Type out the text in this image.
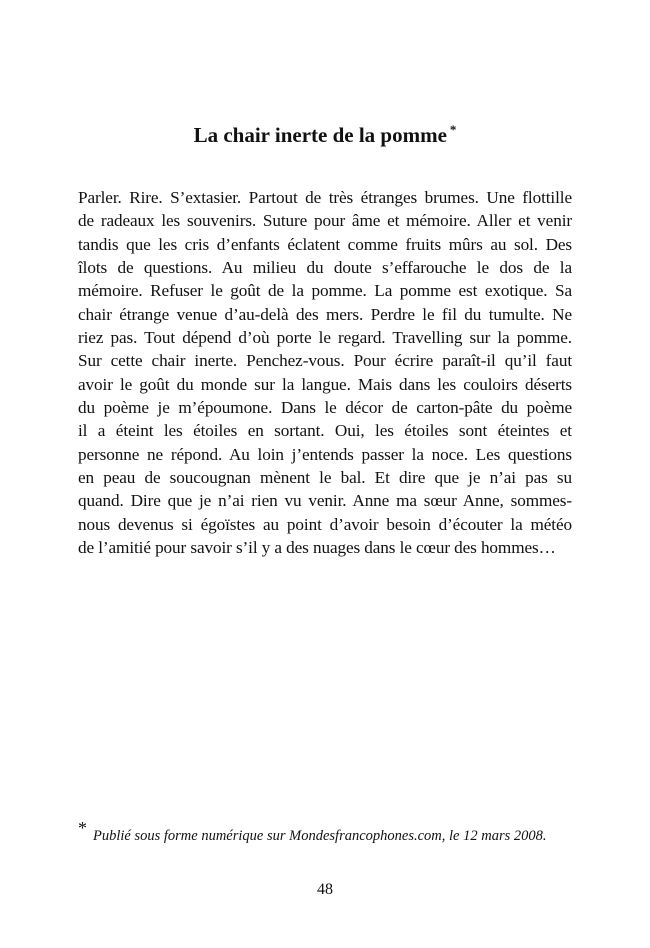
La chair inerte de la pomme *
Parler. Rire. S’extasier. Partout de très étranges brumes. Une flottille
de radeaux les souvenirs. Suture pour âme et mémoire. Aller et venir
tandis que les cris d’enfants éclatent comme fruits mûrs au sol. Des
îlots de questions. Au milieu du doute s’effarouche le dos de la
mémoire. Refuser le goût de la pomme. La pomme est exotique. Sa
chair étrange venue d’au-delà des mers. Perdre le fil du tumulte. Ne
riez pas. Tout dépend d’où porte le regard. Travelling sur la pomme.
Sur cette chair inerte. Penchez-vous. Pour écrire paraît-il qu’il faut
avoir le goût du monde sur la langue. Mais dans les couloirs déserts
du poème je m’époumone. Dans le décor de carton-pâte du poème
il a éteint les étoiles en sortant. Oui, les étoiles sont éteintes et
personne ne répond. Au loin j’entends passer la noce. Les questions
en peau de soucougnan mènent le bal. Et dire que je n’ai pas su
quand. Dire que je n’ai rien vu venir. Anne ma sœur Anne, sommes-
nous devenus si égoïstes au point d’avoir besoin d’écouter la météo
de l’amitié pour savoir s’il y a des nuages dans le cœur des hommes…

* Publié sous forme numérique sur Mondesfrancophones.com, le 12 mars 2008.

48
